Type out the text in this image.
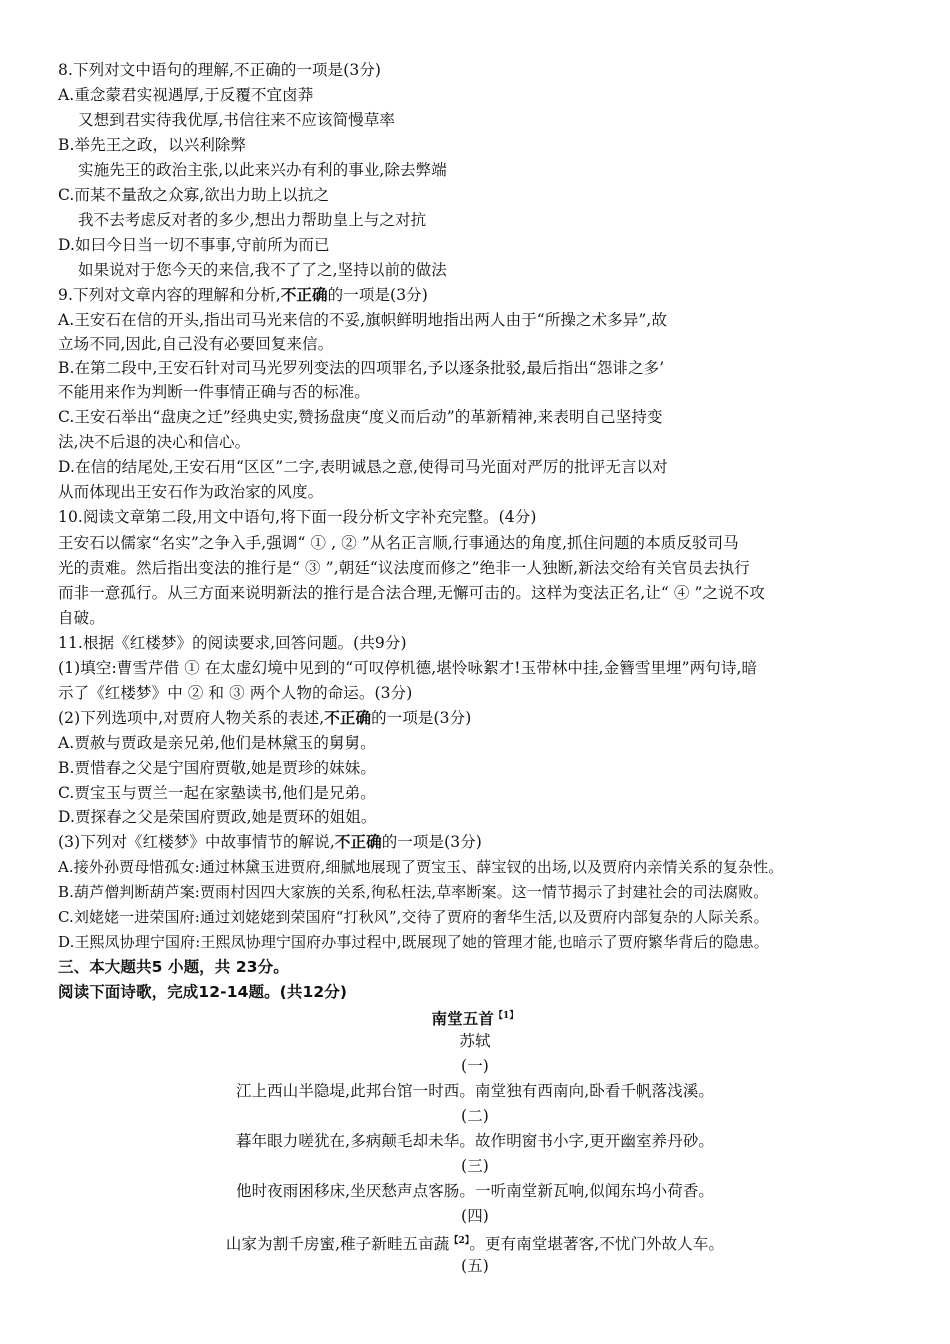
8.下列对文中语句的理解,不正确的一项是(3分)
A.重念蒙君实视遇厚,于反覆不宜卤莽
又想到君实待我优厚,书信往来不应该简慢草率
B.举先王之政，以兴利除弊
实施先王的政治主张,以此来兴办有利的事业,除去弊端
C.而某不量敌之众寡,欲出力助上以抗之
我不去考虑反对者的多少,想出力帮助皇上与之对抗
D.如曰今日当一切不事事,守前所为而已
如果说对于您今天的来信,我不了了之,坚持以前的做法
9.下列对文章内容的理解和分析,不正确的一项是(3分)
A.王安石在信的开头,指出司马光来信的不妥,旗帜鲜明地指出两人由于“所操之术多异”,故
立场不同,因此,自己没有必要回复来信。
B.在第二段中,王安石针对司马光罗列变法的四项罪名,予以逐条批驳,最后指出“怨诽之多’
不能用来作为判断一件事情正确与否的标准。
C.王安石举出“盘庚之迁”经典史实,赞扬盘庚“度义而后动”的革新精神,来表明自己坚持变
法,决不后退的决心和信心。
D.在信的结尾处,王安石用“区区”二字,表明诚恳之意,使得司马光面对严厉的批评无言以对
从而体现出王安石作为政治家的风度。
10.阅读文章第二段,用文中语句,将下面一段分析文字补充完整。(4分)
王安石以儒家“名实”之争入手,强调“ ① , ② ”从名正言顺,行事通达的角度,抓住问题的本质反驳司马
光的责难。然后指出变法的推行是“ ③ ”,朝廷“议法度而修之”绝非一人独断,新法交给有关官员去执行
而非一意孤行。从三方面来说明新法的推行是合法合理,无懈可击的。这样为变法正名,让“ ④ ”之说不攻
自破。
11.根据《红楼梦》的阅读要求,回答问题。(共9分)
(1)填空:曹雪芹借 ① 在太虚幻境中见到的“可叹停机德,堪怜咏絮才!玉带林中挂,金簪雪里埋”两句诗,暗
示了《红楼梦》中 ② 和 ③ 两个人物的命运。(3分)
(2)下列选项中,对贾府人物关系的表述,不正确的一项是(3分)
A.贾赦与贾政是亲兄弟,他们是林黛玉的舅舅。
B.贾惜春之父是宁国府贾敬,她是贾珍的妹妹。
C.贾宝玉与贾兰一起在家塾读书,他们是兄弟。
D.贾探春之父是荣国府贾政,她是贾环的姐姐。
(3)下列对《红楼梦》中故事情节的解说,不正确的一项是(3分)
A.接外孙贾母惜孤女:通过林黛玉进贾府,细腻地展现了贾宝玉、薛宝钗的出场,以及贾府内亲情关系的复杂性。
B.葫芦僧判断葫芦案:贾雨村因四大家族的关系,徇私枉法,草率断案。这一情节揭示了封建社会的司法腐败。
C.刘姥姥一进荣国府:通过刘姥姥到荣国府“打秋风”,交待了贾府的奢华生活,以及贾府内部复杂的人际关系。
D.王熙凤协理宁国府:王熙凤协理宁国府办事过程中,既展现了她的管理才能,也暗示了贾府繁华背后的隐患。
三、本大题共5 小题，共 23分。
阅读下面诗歌，完成12-14题。(共12分)
南堂五首$^{【1】}$
苏轼
(一)
江上西山半隐堤,此邦台馆一时西。南堂独有西南向,卧看千帆落浅溪。
(二)
暮年眼力嗟犹在,多病颠毛却未华。故作明窗书小字,更开幽室养丹砂。
(三)
他时夜雨困移床,坐厌愁声点客肠。一听南堂新瓦响,似闻东坞小荷香。
(四)
山家为割千房蜜,稚子新畦五亩蔬$^{【2】}$。更有南堂堪著客,不忧门外故人车。
(五)
